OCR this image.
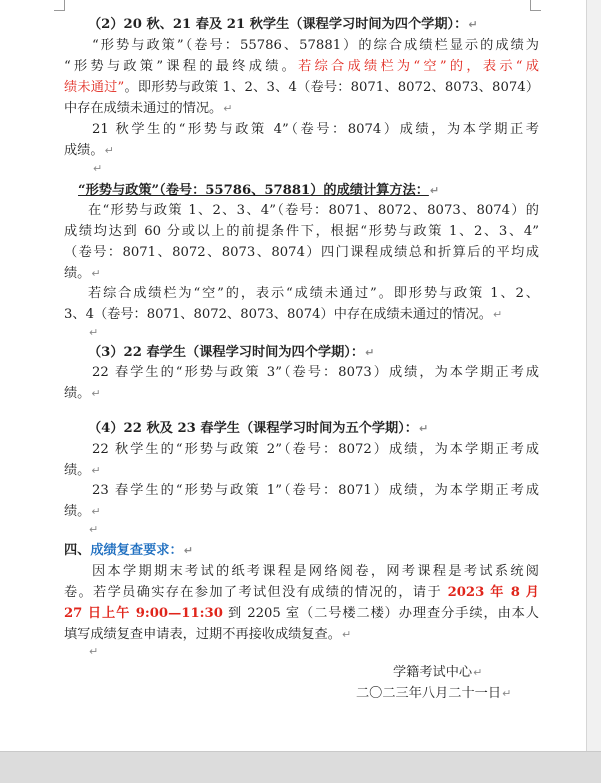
（2）20 秋、21 春及 21 秋学生（课程学习时间为四个学期）：↵
“形势与政策”（卷号：55786、57881）的综合成绩栏显示的成绩为
“形势与政策”课程的最终成绩。若综合成绩栏为“空”的，表示“成
绩未通过”。即形势与政策 1、2、3、4（卷号：8071、8072、8073、8074）
中存在成绩未通过的情况。↵
21 秋学生的“形势与政策 4”（卷号：8074）成绩，为本学期正考
成绩。↵
↵
“形势与政策”（卷号：55786、57881）的成绩计算方法：↵
在“形势与政策 1、2、3、4”（卷号：8071、8072、8073、8074）的
成绩均达到 60 分或以上的前提条件下，根据“形势与政策 1、2、3、4”
（卷号：8071、8072、8073、8074）四门课程成绩总和折算后的平均成
绩。↵
若综合成绩栏为“空”的，表示“成绩未通过”。即形势与政策 1、2、
3、4（卷号：8071、8072、8073、8074）中存在成绩未通过的情况。↵
↵
（3）22 春学生（课程学习时间为四个学期）：↵
22 春学生的“形势与政策 3”（卷号：8073）成绩，为本学期正考成
绩。↵
（4）22 秋及 23 春学生（课程学习时间为五个学期）：↵
22 秋学生的“形势与政策 2”（卷号：8072）成绩，为本学期正考成
绩。↵
23 春学生的“形势与政策 1”（卷号：8071）成绩，为本学期正考成
绩。↵
↵
四、成绩复查要求：↵
因本学期期末考试的纸考课程是网络阅卷，网考课程是考试系统阅
卷。若学员确实存在参加了考试但没有成绩的情况的，请于 2023 年 8 月
27 日上午 9:00—11:30 到 2205 室（二号楼二楼）办理查分手续，由本人
填写成绩复查申请表，过期不再接收成绩复查。↵
↵
学籍考试中心↵
二〇二三年八月二十一日↵
